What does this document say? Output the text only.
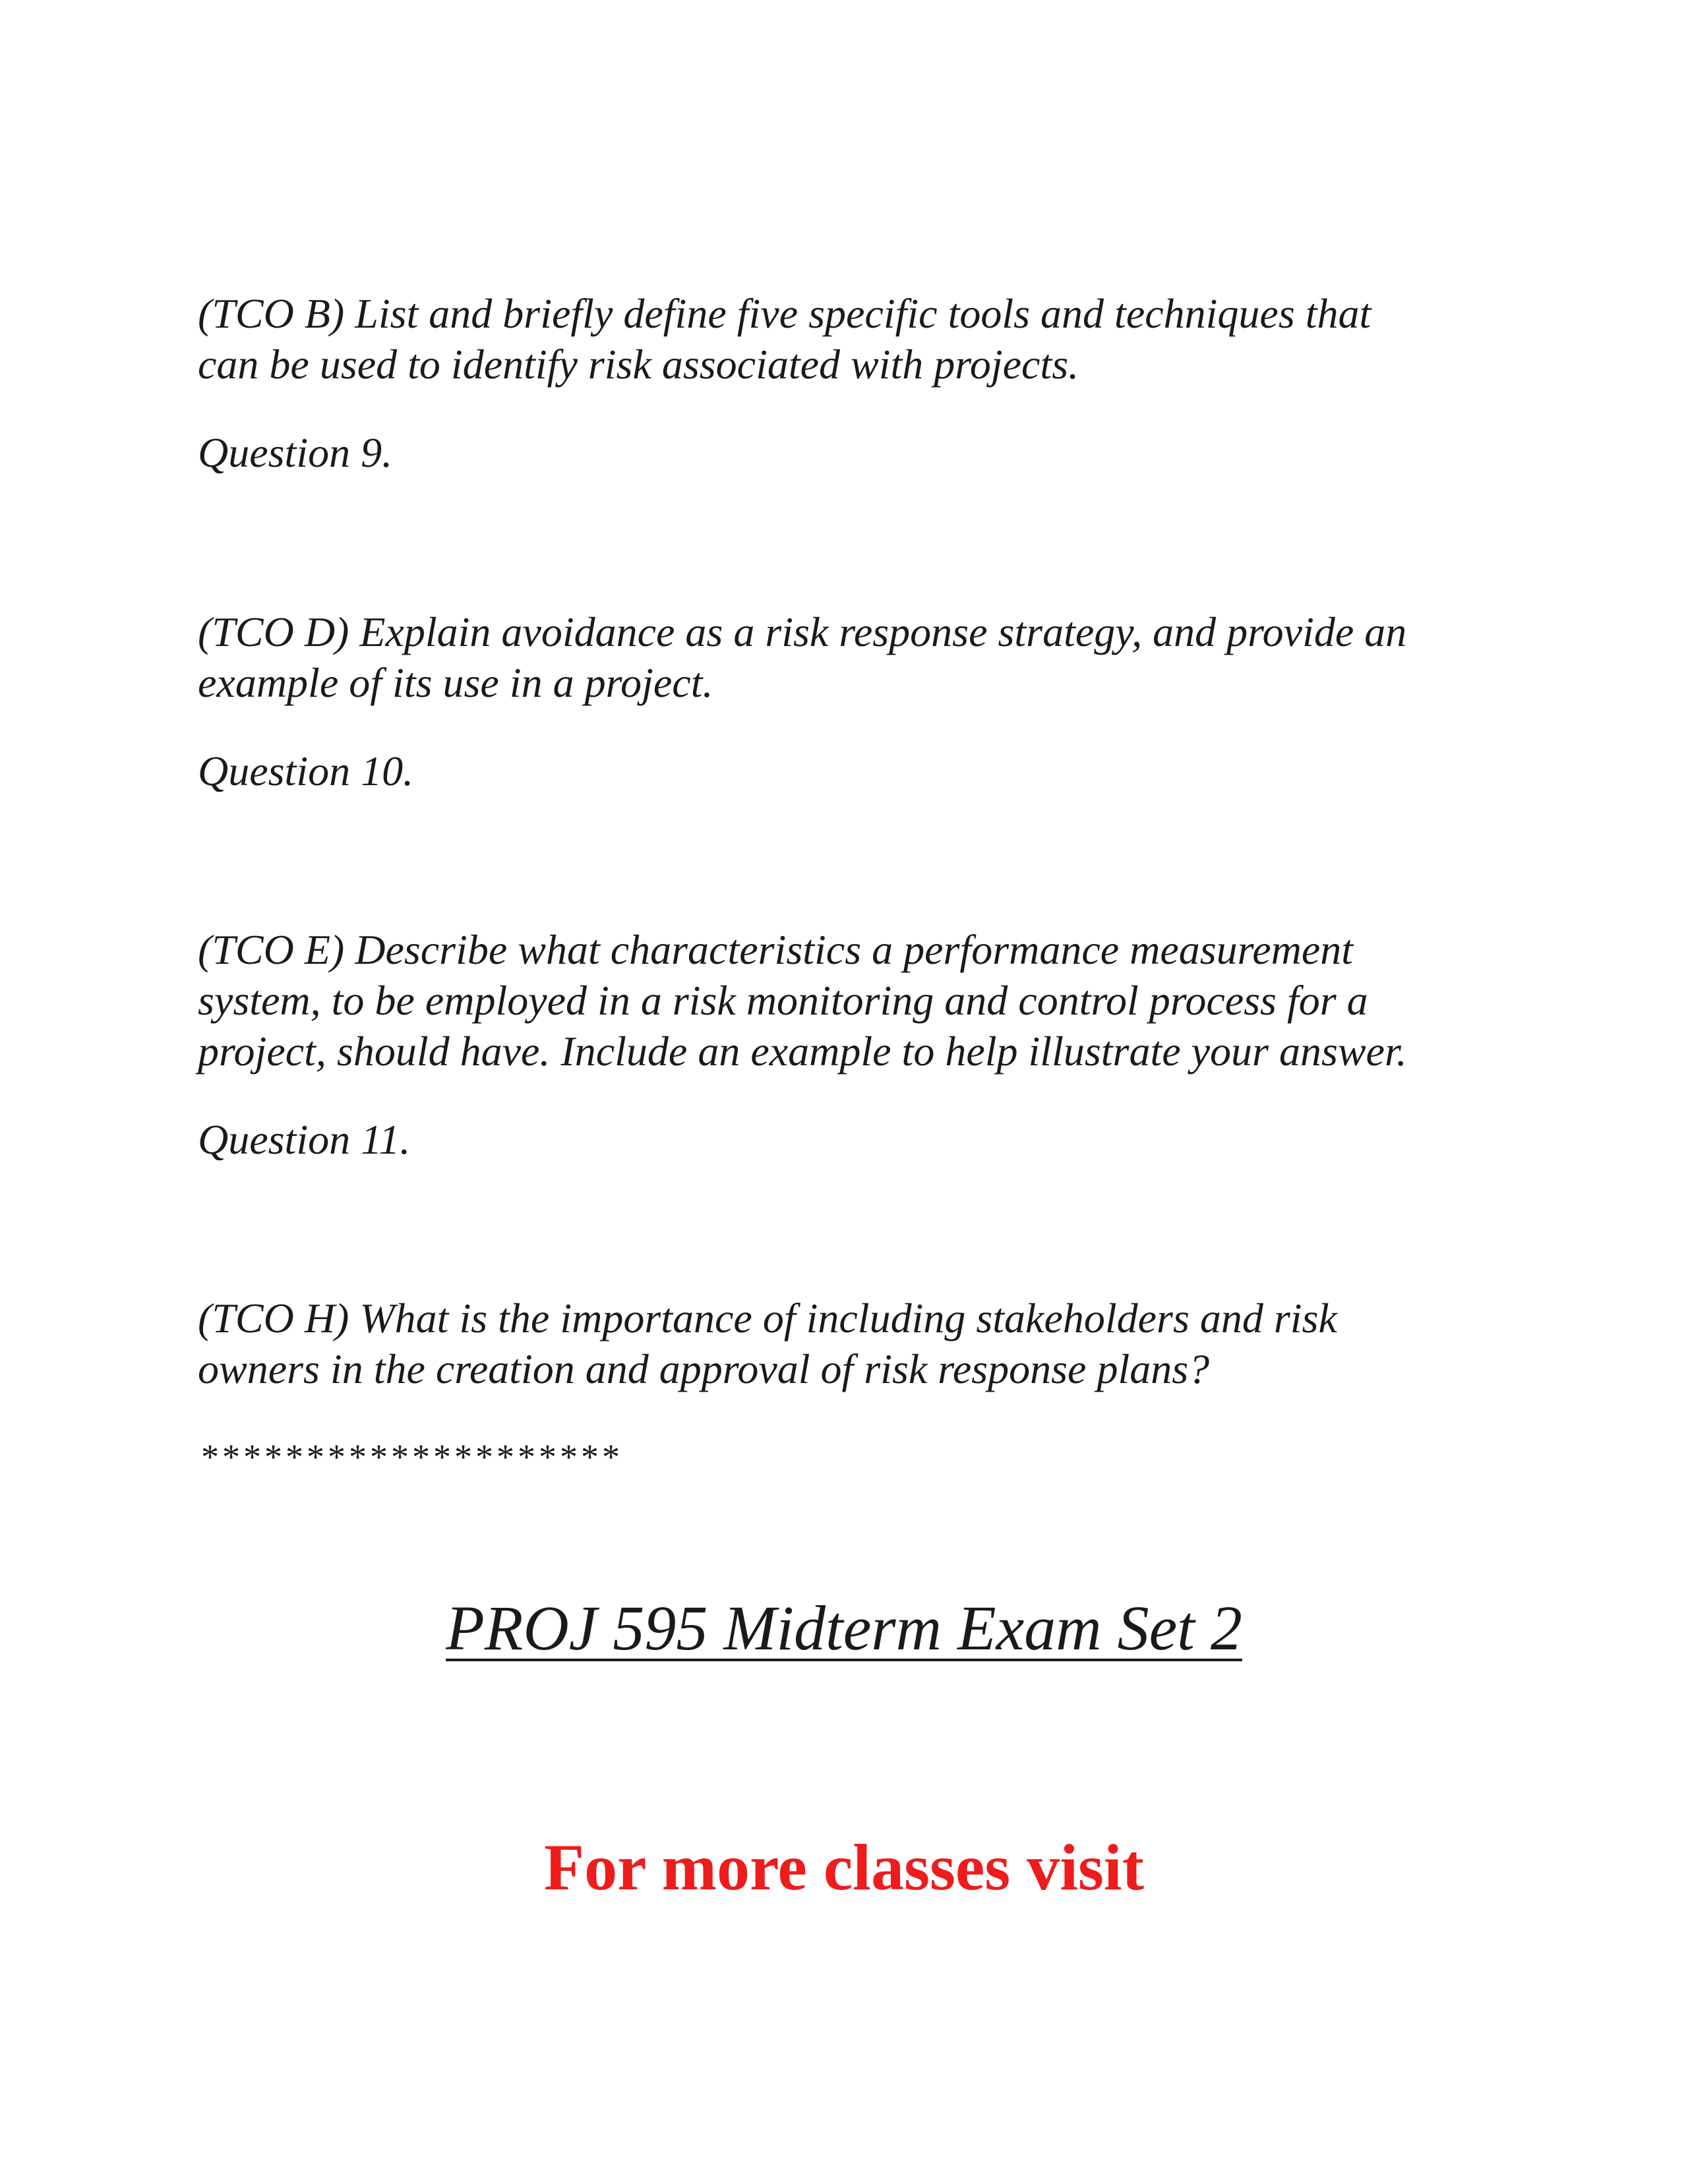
(TCO B) List and briefly define five specific tools and techniques that
can be used to identify risk associated with projects.
Question 9.
(TCO D) Explain avoidance as a risk response strategy, and provide an
example of its use in a project.
Question 10.
(TCO E) Describe what characteristics a performance measurement
system, to be employed in a risk monitoring and control process for a
project, should have. Include an example to help illustrate your answer.
Question 11.
(TCO H) What is the importance of including stakeholders and risk
owners in the creation and approval of risk response plans?
********************
PROJ 595 Midterm Exam Set 2
For more classes visit
